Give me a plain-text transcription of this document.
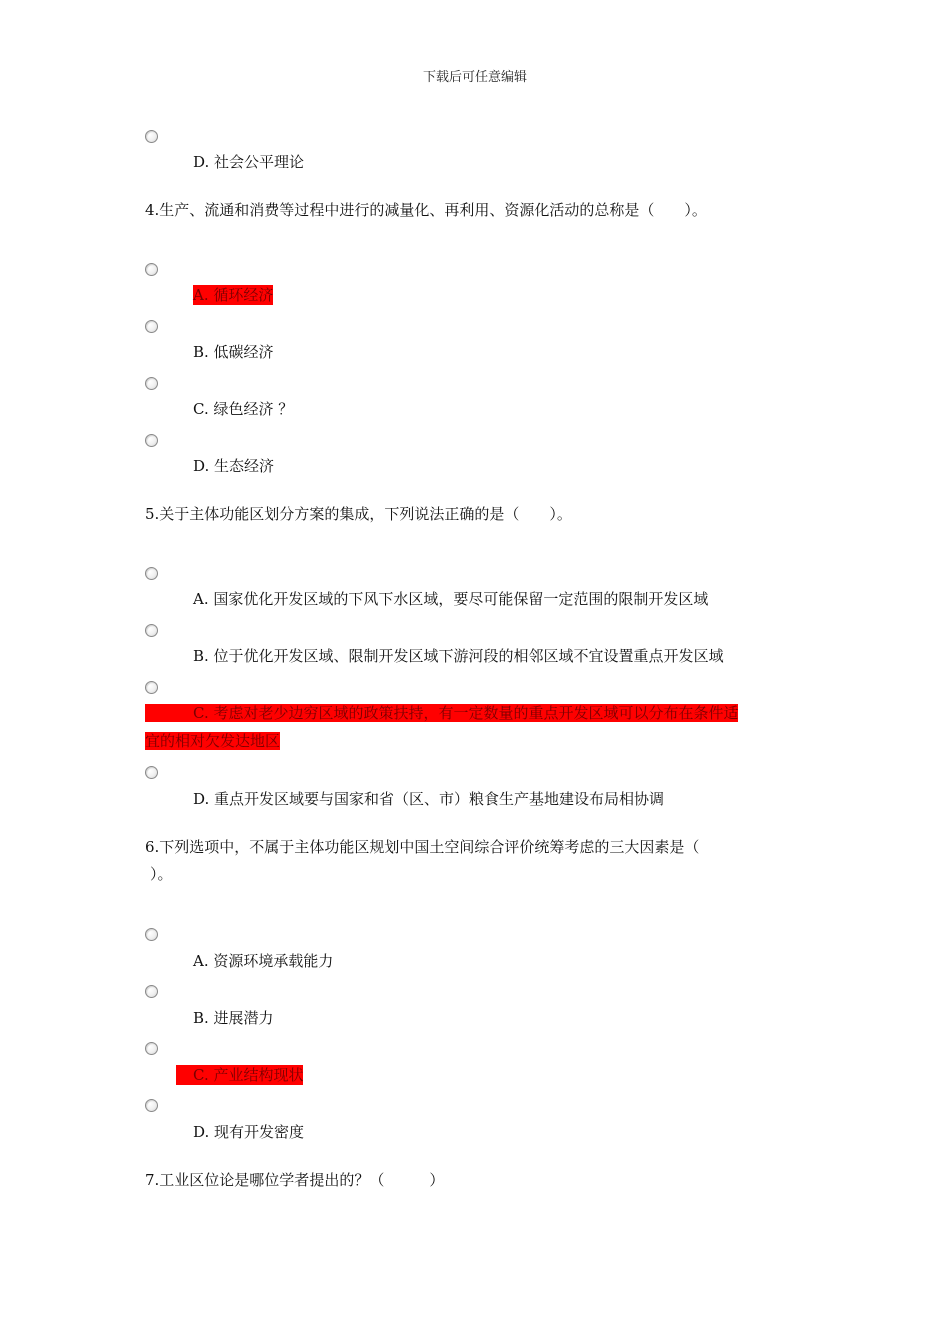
下载后可任意编辑
D. 社会公平理论
4.生产、流通和消费等过程中进行的减量化、再利用、资源化活动的总称是（　　）。
A. 循环经济
B. 低碳经济
C. 绿色经济 ？
D. 生态经济
5.关于主体功能区划分方案的集成，下列说法正确的是（　　）。
A. 国家优化开发区域的下风下水区域，要尽可能保留一定范围的限制开发区域
B. 位于优化开发区域、限制开发区域下游河段的相邻区域不宜设置重点开发区域
C. 考虑对老少边穷区域的政策扶持，有一定数量的重点开发区域可以分布在条件适
宜的相对欠发达地区
D. 重点开发区域要与国家和省（区、市）粮食生产基地建设布局相协调
6.下列选项中，不属于主体功能区规划中国土空间综合评价统筹考虑的三大因素是（
）。
A. 资源环境承载能力
B. 进展潜力
C. 产业结构现状
D. 现有开发密度
7.工业区位论是哪位学者提出的？（　　　）
